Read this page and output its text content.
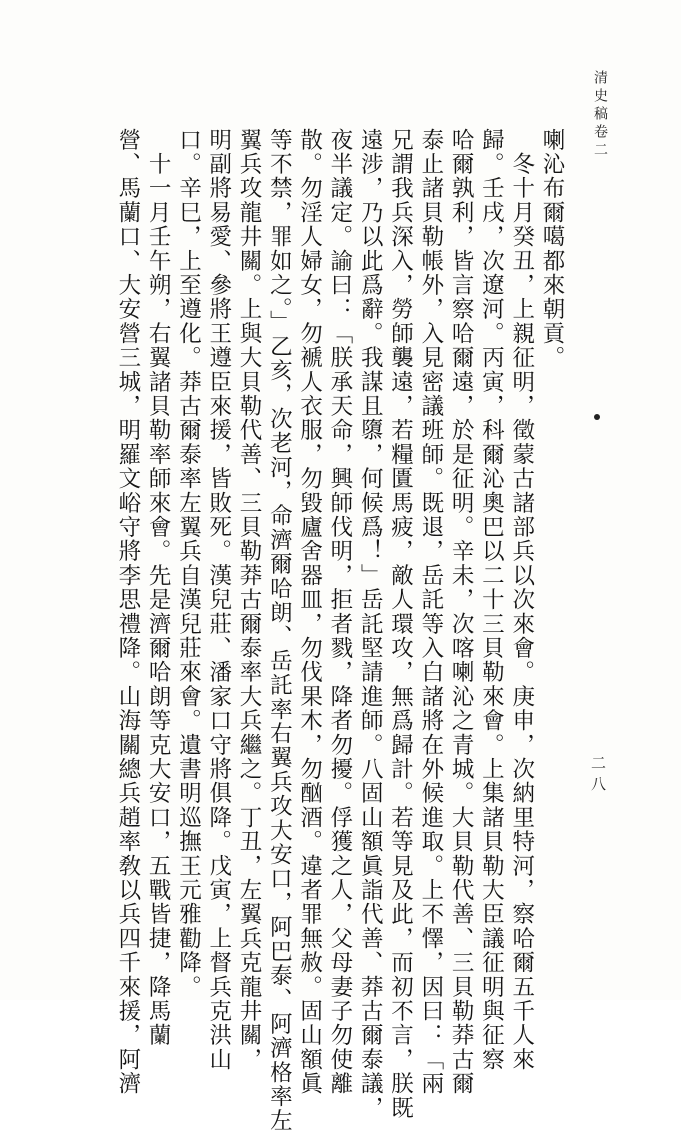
清史稿卷二
二八
喇沁布爾噶都來朝貢。
　冬十月癸丑，上親征明，徵蒙古諸部兵以次來會。庚申，次納里特河，察哈爾五千人來
歸。壬戌，次遼河。丙寅，科爾沁奧巴以二十三貝勒來會。上集諸貝勒大臣議征明與征察
哈爾孰利，皆言察哈爾遠，於是征明。辛未，次喀喇沁之青城。大貝勒代善、三貝勒莽古爾
泰止諸貝勒帳外，入見密議班師。既退，岳託等入白諸將在外候進取。上不懌，因曰：「兩
兄謂我兵深入，勞師襲遠，若糧匱馬疲，敵人環攻，無爲歸計。若等見及此，而初不言，朕既
遠涉，乃以此爲辭。我謀且隳，何候爲！」岳託堅請進師。八固山額眞詣代善、莽古爾泰議，
夜半議定。諭曰：「朕承天命，興師伐明，拒者戮，降者勿擾。俘獲之人，父母妻子勿使離
散。勿淫人婦女，勿褫人衣服，勿毀廬舍器皿，勿伐果木，勿酗酒。違者罪無赦。固山額眞
等不禁，罪如之。」乙亥，次老河，命濟爾哈朗、岳託率右翼兵攻大安口，阿巴泰、阿濟格率左
翼兵攻龍井關。上與大貝勒代善、三貝勒莽古爾泰率大兵繼之。丁丑，左翼兵克龍井關，
明副將易愛、參將王遵臣來援，皆敗死。漢兒莊、潘家口守將俱降。戊寅，上督兵克洪山
口。辛巳，上至遵化。莽古爾泰率左翼兵自漢兒莊來會。遺書明巡撫王元雅勸降。
　十一月壬午朔，右翼諸貝勒率師來會。先是濟爾哈朗等克大安口，五戰皆捷，降馬蘭
營、馬蘭口、大安營三城，明羅文峪守將李思禮降。山海關總兵趙率敎以兵四千來援，阿濟
